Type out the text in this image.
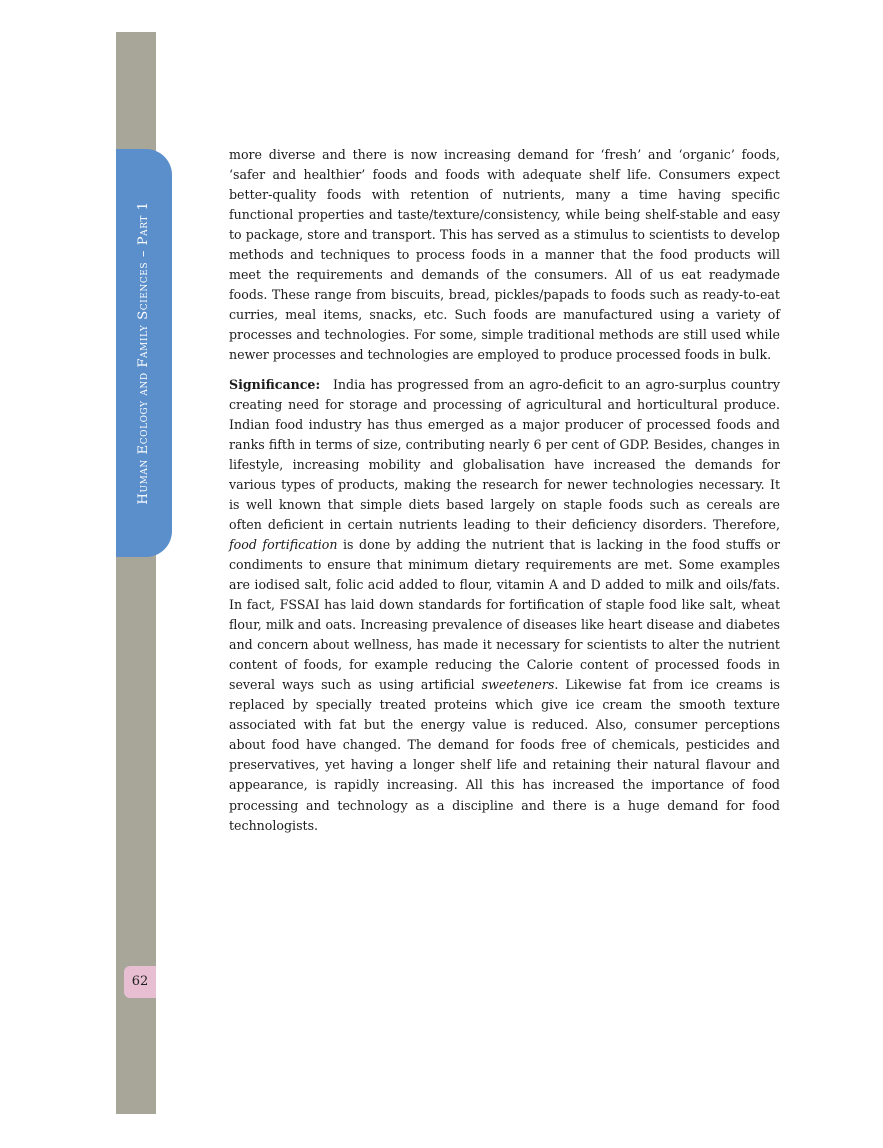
Human Ecology and Family Sciences – Part 1
62

more diverse and there is now increasing demand for ‘fresh’ and ‘organic’ foods, ‘safer and healthier’ foods and foods with adequate shelf life. Consumers expect better-quality foods with retention of nutrients, many a time having specific functional properties and taste/texture/consistency, while being shelf-stable and easy to package, store and transport. This has served as a stimulus to scientists to develop methods and techniques to process foods in a manner that the food products will meet the requirements and demands of the consumers. All of us eat readymade foods. These range from biscuits, bread, pickles/papads to foods such as ready-to-eat curries, meal items, snacks, etc. Such foods are manufactured using a variety of processes and technologies. For some, simple traditional methods are still used while newer processes and technologies are employed to produce processed foods in bulk.

Significance: India has progressed from an agro-deficit to an agro-surplus country creating need for storage and processing of agricultural and horticultural produce. Indian food industry has thus emerged as a major producer of processed foods and ranks fifth in terms of size, contributing nearly 6 per cent of GDP. Besides, changes in lifestyle, increasing mobility and globalisation have increased the demands for various types of products, making the research for newer technologies necessary. It is well known that simple diets based largely on staple foods such as cereals are often deficient in certain nutrients leading to their deficiency disorders. Therefore, food fortification is done by adding the nutrient that is lacking in the food stuffs or condiments to ensure that minimum dietary requirements are met. Some examples are iodised salt, folic acid added to flour, vitamin A and D added to milk and oils/fats. In fact, FSSAI has laid down standards for fortification of staple food like salt, wheat flour, milk and oats. Increasing prevalence of diseases like heart disease and diabetes and concern about wellness, has made it necessary for scientists to alter the nutrient content of foods, for example reducing the Calorie content of processed foods in several ways such as using artificial sweeteners. Likewise fat from ice creams is replaced by specially treated proteins which give ice cream the smooth texture associated with fat but the energy value is reduced. Also, consumer perceptions about food have changed. The demand for foods free of chemicals, pesticides and preservatives, yet having a longer shelf life and retaining their natural flavour and appearance, is rapidly increasing. All this has increased the importance of food processing and technology as a discipline and there is a huge demand for food technologists.
